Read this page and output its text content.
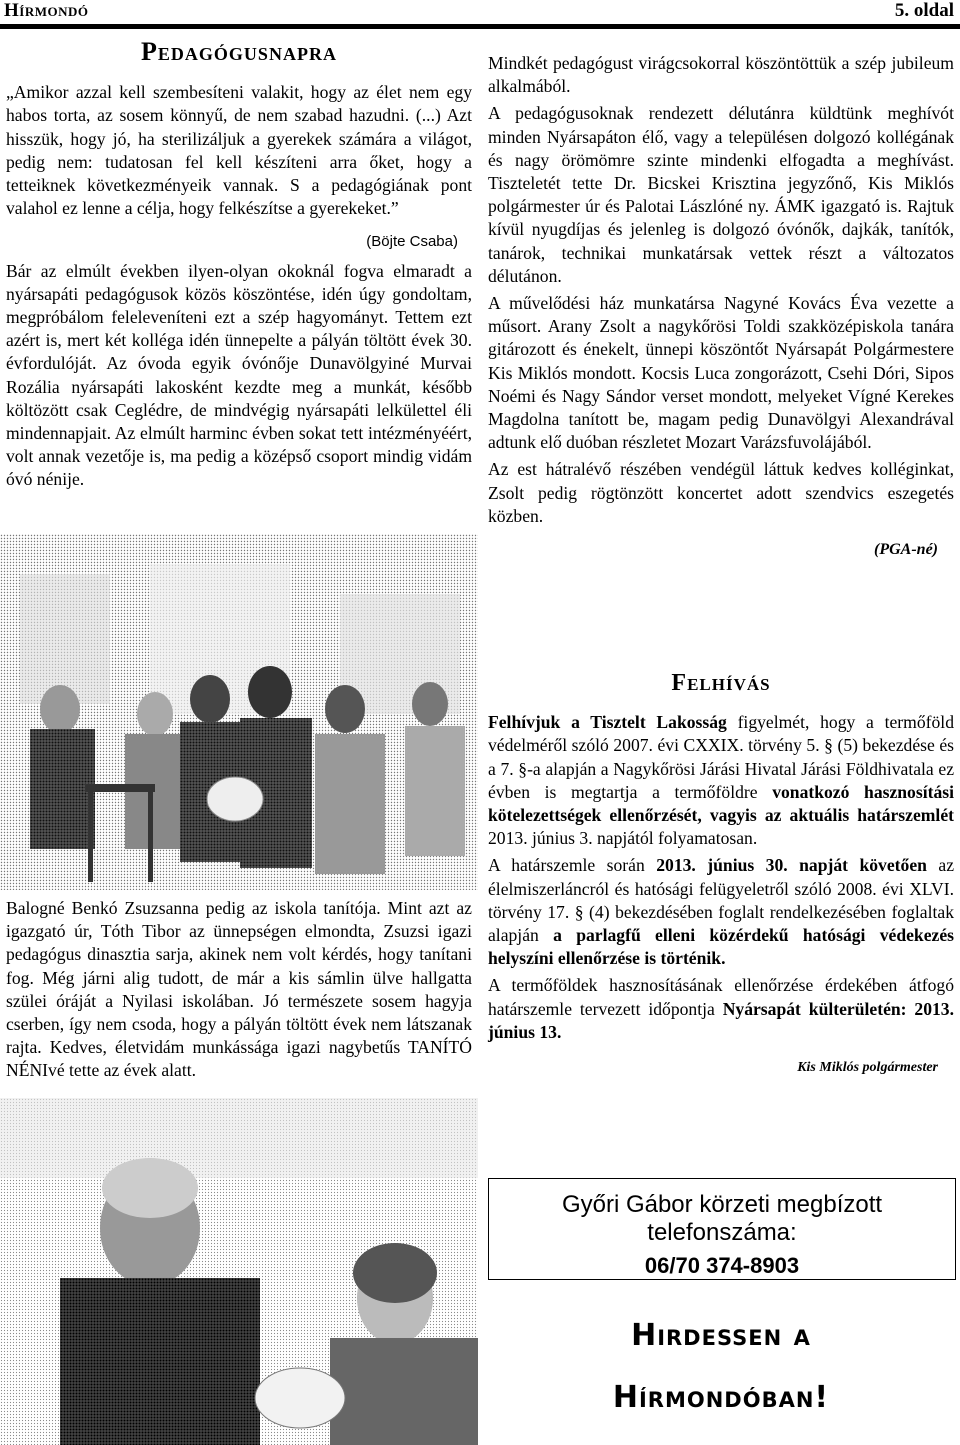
Hírmondó	5. oldal
Pedagógusnapra

„Amikor azzal kell szembesíteni valakit, hogy az élet nem egy habos torta, az sosem könnyű, de nem szabad hazudni. (...) Azt hisszük, hogy jó, ha sterilizáljuk a gyerekek számára a világot, pedig nem: tudatosan fel kell készíteni arra őket, hogy a tetteiknek következményeik vannak. S a pedagógiának pont valahol ez lenne a célja, hogy felkészítse a gyerekeket.”

(Böjte Csaba)

Bár az elmúlt években ilyen-olyan okoknál fogva elmaradt a nyársapáti pedagógusok közös köszöntése, idén úgy gondoltam, megpróbálom feleleveníteni ezt a szép hagyományt. Tettem ezt azért is, mert két kolléga idén ünnepelte a pályán töltött évek 30. évfordulóját. Az óvoda egyik óvónője Dunavölgyiné Murvai Rozália nyársapáti lakosként kezdte meg a munkát, később költözött csak Ceglédre, de mindvégig nyársapáti lelkülettel éli mindennapjait. Az elmúlt harminc évben sokat tett intézményéért, volt annak vezetője is, ma pedig a középső csoport mindig vidám óvó nénije.

Balogné Benkó Zsuzsanna pedig az iskola tanítója. Mint azt az igazgató úr, Tóth Tibor az ünnepségen elmondta, Zsuzsi igazi pedagógus dinasztia sarja, akinek nem volt kérdés, hogy tanítani fog. Még járni alig tudott, de már a kis sámlin ülve hallgatta szülei óráját a Nyilasi iskolában. Jó természete sosem hagyja cserben, így nem csoda, hogy a pályán töltött évek nem látszanak rajta. Kedves, életvidám munkássága igazi nagybetűs TANÍTÓ NÉNIvé tette az évek alatt.

Mindkét pedagógust virágcsokorral köszöntöttük a szép jubileum alkalmából.

A pedagógusoknak rendezett délutánra küldtünk meghívót minden Nyársapáton élő, vagy a településen dolgozó kollégának és nagy örömömre szinte mindenki elfogadta a meghívást. Tiszteletét tette Dr. Bicskei Krisztina jegyzőnő, Kis Miklós polgármester úr és Palotai Lászlóné ny. ÁMK igazgató is. Rajtuk kívül nyugdíjas és jelenleg is dolgozó óvónők, dajkák, tanítók, tanárok, technikai munkatársak vettek részt a változatos délutánon.

A művelődési ház munkatársa Nagyné Kovács Éva vezette a műsort. Arany Zsolt a nagykőrösi Toldi szakközépiskola tanára gitározott és énekelt, ünnepi köszöntőt Nyársapát Polgármestere Kis Miklós mondott. Kocsis Luca zongorázott, Csehi Dóri, Sipos Noémi és Nagy Sándor verset mondott, melyeket Vígné Kerekes Magdolna tanított be, magam pedig Dunavölgyi Alexandrával adtunk elő duóban részletet Mozart Varázsfuvolájából.

Az est hátralévő részében vendégül láttuk kedves kolléginkat, Zsolt pedig rögtönzött koncertet adott szendvics eszegetés közben.

(PGA-né)
Felhívás

Felhívjuk a Tisztelt Lakosság figyelmét, hogy a termőföld védelméről szóló 2007. évi CXXIX. törvény 5. § (5) bekezdése és a 7. §-a alapján a Nagykőrösi Járási Hivatal Járási Földhivatala ez évben is megtartja a termőföldre vonatkozó hasznosítási kötelezettségek ellenőrzését, vagyis az aktuális határszemlét 2013. június 3. napjától folyamatosan.

A határszemle során 2013. június 30. napját követően az élelmiszerláncról és hatósági felügyeletről szóló 2008. évi XLVI. törvény 17. § (4) bekezdésében foglalt rendelkezésében foglaltak alapján a parlagfű elleni közérdekű hatósági védekezés helyszíni ellenőrzése is történik.

A termőföldek hasznosításának ellenőrzése érdekében átfogó határszemle tervezett időpontja Nyársapát külterületén: 2013. június 13.

Kis Miklós polgármester
Győri Gábor körzeti megbízott telefonszáma:
06/70 374-8903
Hirdessen a
Hírmondóban!
